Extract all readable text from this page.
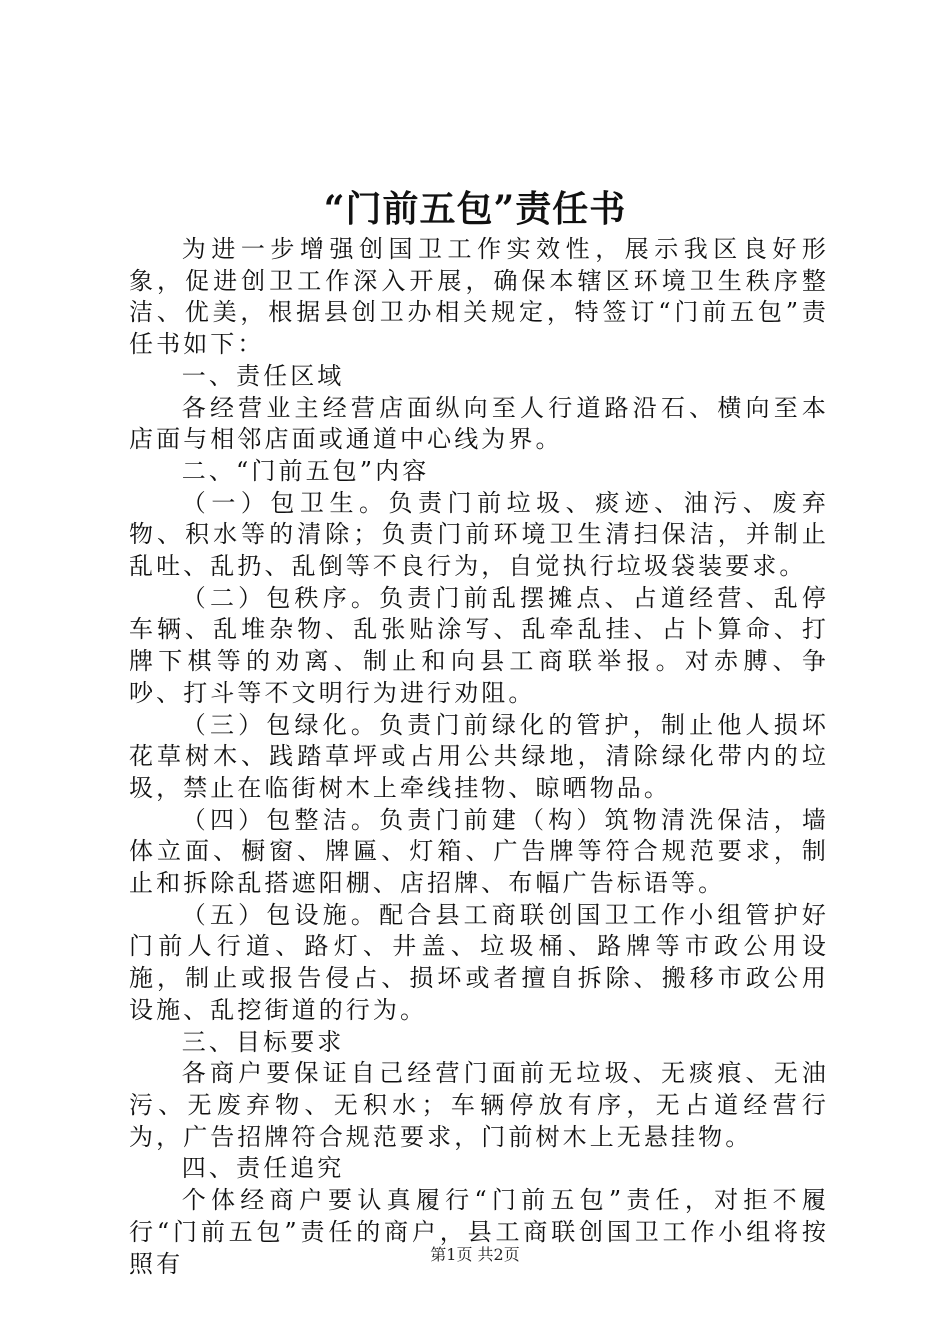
“门前五包”责任书

为进一步增强创国卫工作实效性，展示我区良好形象，促进创卫工作深入开展，确保本辖区环境卫生秩序整洁、优美，根据县创卫办相关规定，特签订“门前五包”责任书如下：

一、责任区域

各经营业主经营店面纵向至人行道路沿石、横向至本店面与相邻店面或通道中心线为界。

二、“门前五包”内容

（一）包卫生。负责门前垃圾、痰迹、油污、废弃物、积水等的清除；负责门前环境卫生清扫保洁，并制止乱吐、乱扔、乱倒等不良行为，自觉执行垃圾袋装要求。

（二）包秩序。负责门前乱摆摊点、占道经营、乱停车辆、乱堆杂物、乱张贴涂写、乱牵乱挂、占卜算命、打牌下棋等的劝离、制止和向县工商联举报。对赤膊、争吵、打斗等不文明行为进行劝阻。

（三）包绿化。负责门前绿化的管护，制止他人损坏花草树木、践踏草坪或占用公共绿地，清除绿化带内的垃圾，禁止在临街树木上牵线挂物、晾晒物品。

（四）包整洁。负责门前建（构）筑物清洗保洁，墙体立面、橱窗、牌匾、灯箱、广告牌等符合规范要求，制止和拆除乱搭遮阳棚、店招牌、布幅广告标语等。

（五）包设施。配合县工商联创国卫工作小组管护好门前人行道、路灯、井盖、垃圾桶、路牌等市政公用设施，制止或报告侵占、损坏或者擅自拆除、搬移市政公用设施、乱挖街道的行为。

三、目标要求

各商户要保证自己经营门面前无垃圾、无痰痕、无油污、无废弃物、无积水；车辆停放有序，无占道经营行为，广告招牌符合规范要求，门前树木上无悬挂物。

四、责任追究

个体经商户要认真履行“门前五包”责任，对拒不履行“门前五包”责任的商户，县工商联创国卫工作小组将按照有	第1页 共2页
